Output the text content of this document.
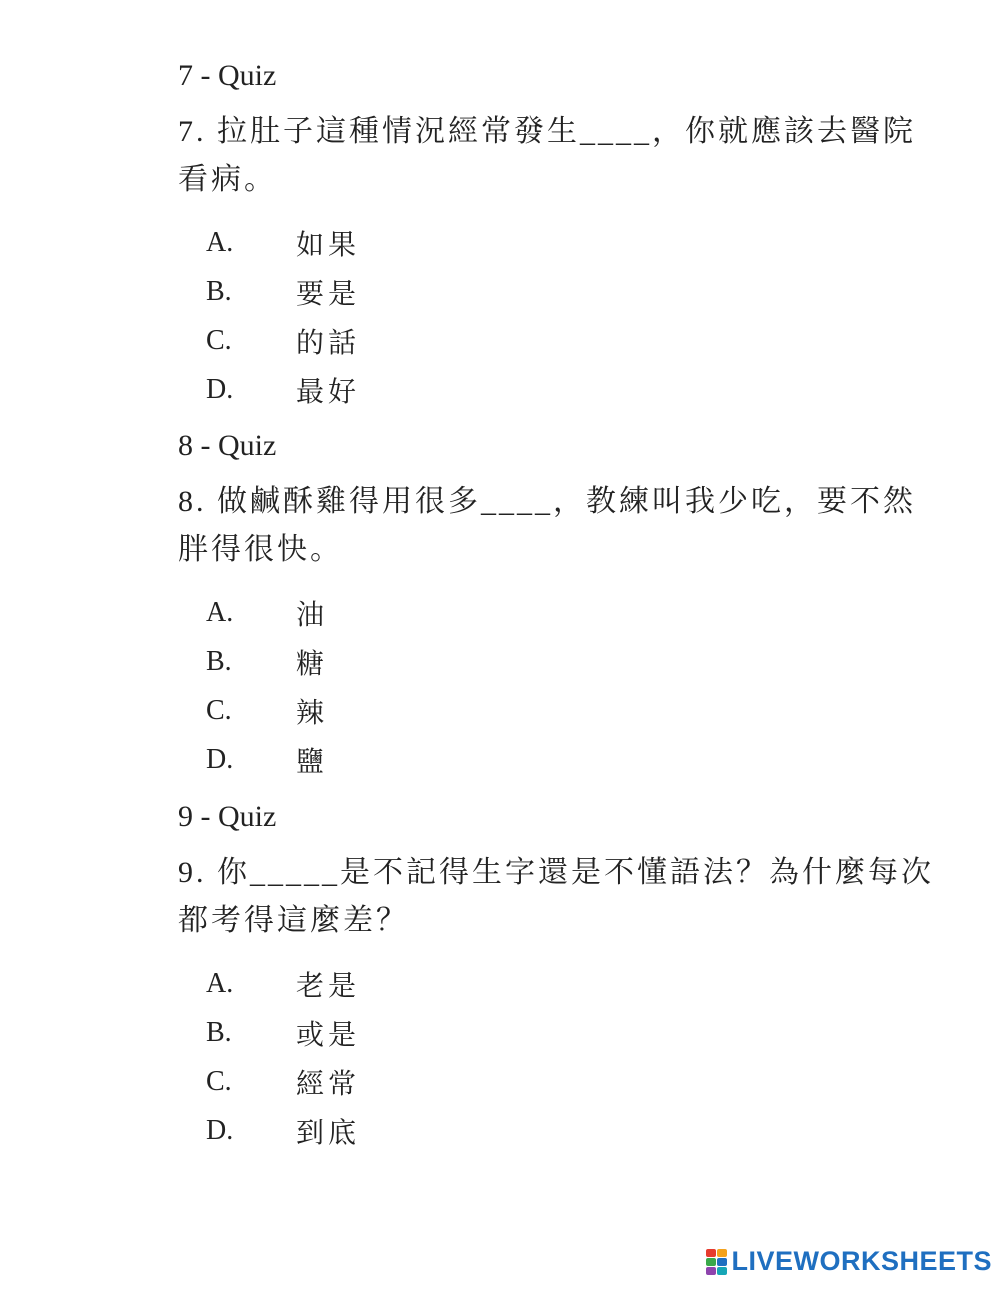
7 - Quiz

7. 拉肚子這種情況經常發生____，你就應該去醫院看病。

A.	如果
B.	要是
C.	的話
D.	最好
8 - Quiz

8. 做鹹酥雞得用很多____，教練叫我少吃，要不然胖得很快。

A.	油
B.	糖
C.	辣
D.	鹽
9 - Quiz

9. 你_____是不記得生字還是不懂語法？為什麼每次都考得這麼差？

A.	老是
B.	或是
C.	經常
D.	到底
LIVEWORKSHEETS
